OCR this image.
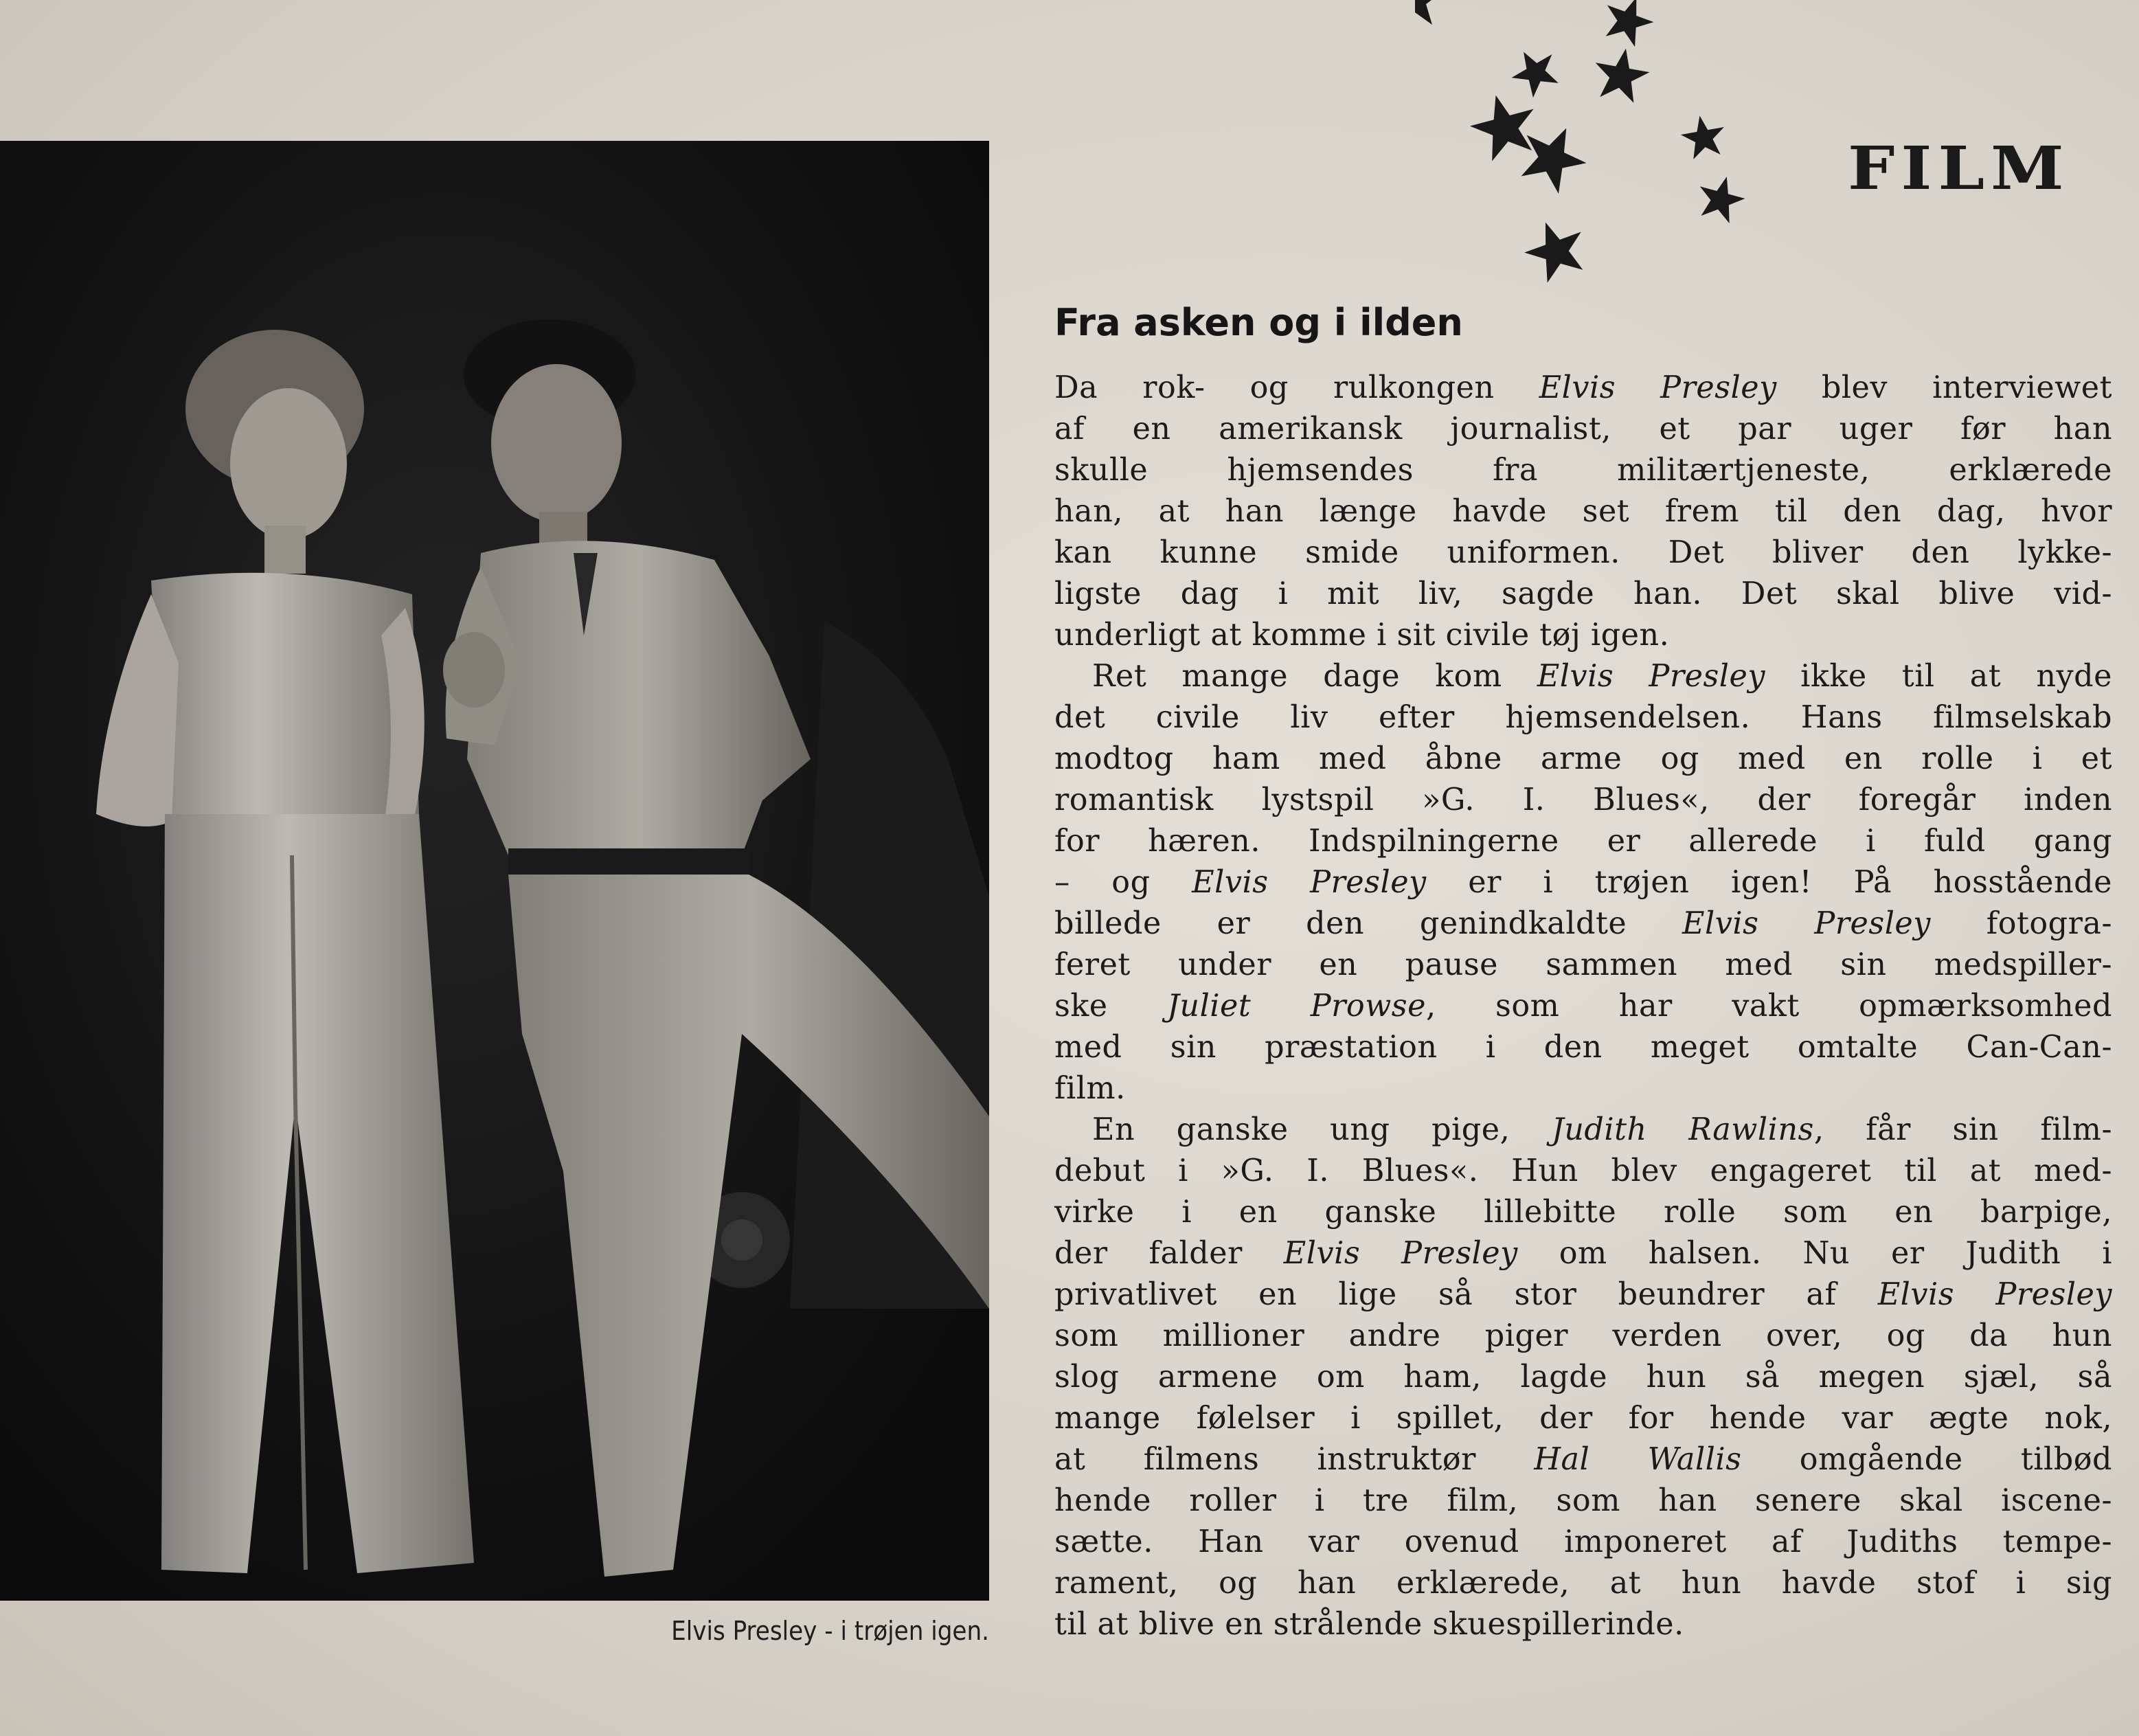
Elvis Presley - i trøjen igen.
FILM
Fra asken og i ilden
Da rok- og rulkongen Elvis Presley blev interviewet
af en amerikansk journalist, et par uger før han
skulle hjemsendes fra militærtjeneste, erklærede
han, at han længe havde set frem til den dag, hvor
kan kunne smide uniformen. Det bliver den lykke-
ligste dag i mit liv, sagde han. Det skal blive vid-
underligt at komme i sit civile tøj igen.
Ret mange dage kom Elvis Presley ikke til at nyde
det civile liv efter hjemsendelsen. Hans filmselskab
modtog ham med åbne arme og med en rolle i et
romantisk lystspil »G. I. Blues«, der foregår inden
for hæren. Indspilningerne er allerede i fuld gang
– og Elvis Presley er i trøjen igen! På hosstående
billede er den genindkaldte Elvis Presley fotogra-
feret under en pause sammen med sin medspiller-
ske Juliet Prowse, som har vakt opmærksomhed
med sin præstation i den meget omtalte Can-Can-
film.
En ganske ung pige, Judith Rawlins, får sin film-
debut i »G. I. Blues«. Hun blev engageret til at med-
virke i en ganske lillebitte rolle som en barpige,
der falder Elvis Presley om halsen. Nu er Judith i
privatlivet en lige så stor beundrer af Elvis Presley
som millioner andre piger verden over, og da hun
slog armene om ham, lagde hun så megen sjæl, så
mange følelser i spillet, der for hende var ægte nok,
at filmens instruktør Hal Wallis omgående tilbød
hende roller i tre film, som han senere skal iscene-
sætte. Han var ovenud imponeret af Judiths tempe-
rament, og han erklærede, at hun havde stof i sig
til at blive en strålende skuespillerinde.
